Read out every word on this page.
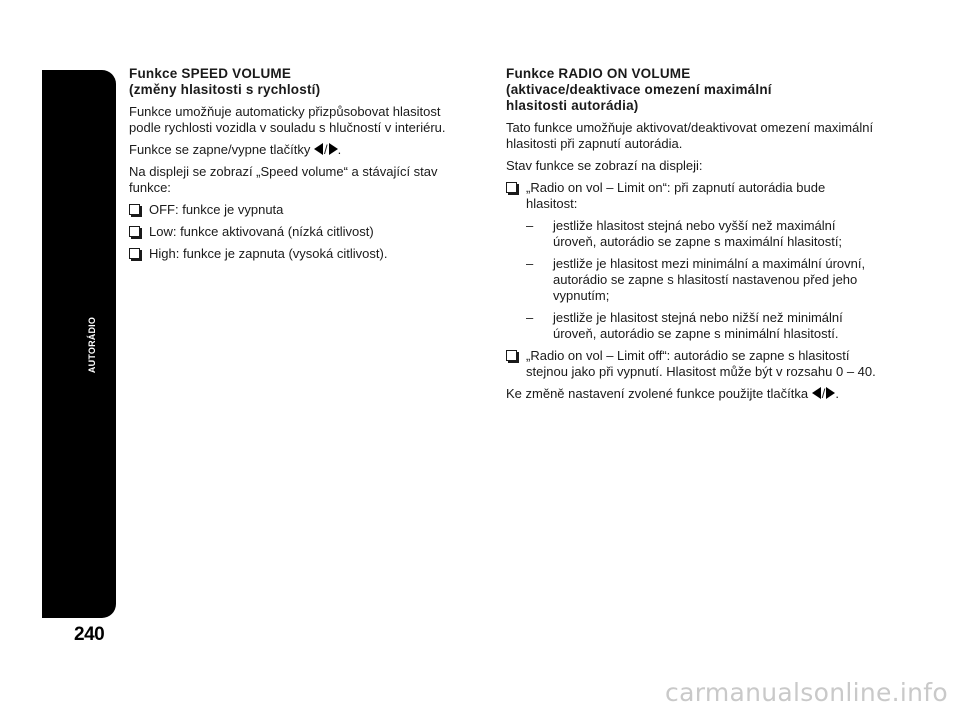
AUTORÁDIO
240
Funkce SPEED VOLUME
(změny hlasitosti s rychlostí)

Funkce umožňuje automaticky přizpůsobovat hlasitost podle rychlosti vozidla v souladu s hlučností v interiéru.

Funkce se zapne/vypne tlačítky / .

Na displeji se zobrazí „Speed volume“ a stávající stav funkce:

OFF: funkce je vypnuta
Low: funkce aktivovaná (nízká citlivost)
High: funkce je zapnuta (vysoká citlivost).
Funkce RADIO ON VOLUME
(aktivace/deaktivace omezení maximální
hlasitosti autorádia)

Tato funkce umožňuje aktivovat/deaktivovat omezení maximální hlasitosti při zapnutí autorádia.

Stav funkce se zobrazí na displeji:

„Radio on vol – Limit on“: při zapnutí autorádia bude hlasitost:
– jestliže hlasitost stejná nebo vyšší než maximální úroveň, autorádio se zapne s maximální hlasitostí;
– jestliže je hlasitost mezi minimální a maximální úrovní, autorádio se zapne s hlasitostí nastavenou před jeho vypnutím;
– jestliže je hlasitost stejná nebo nižší než minimální úroveň, autorádio se zapne s minimální hlasitostí.
„Radio on vol – Limit off“: autorádio se zapne s hlasitostí stejnou jako při vypnutí. Hlasitost může být v rozsahu 0 – 40.

Ke změně nastavení zvolené funkce použijte tlačítka / .

carmanualsonline.info
